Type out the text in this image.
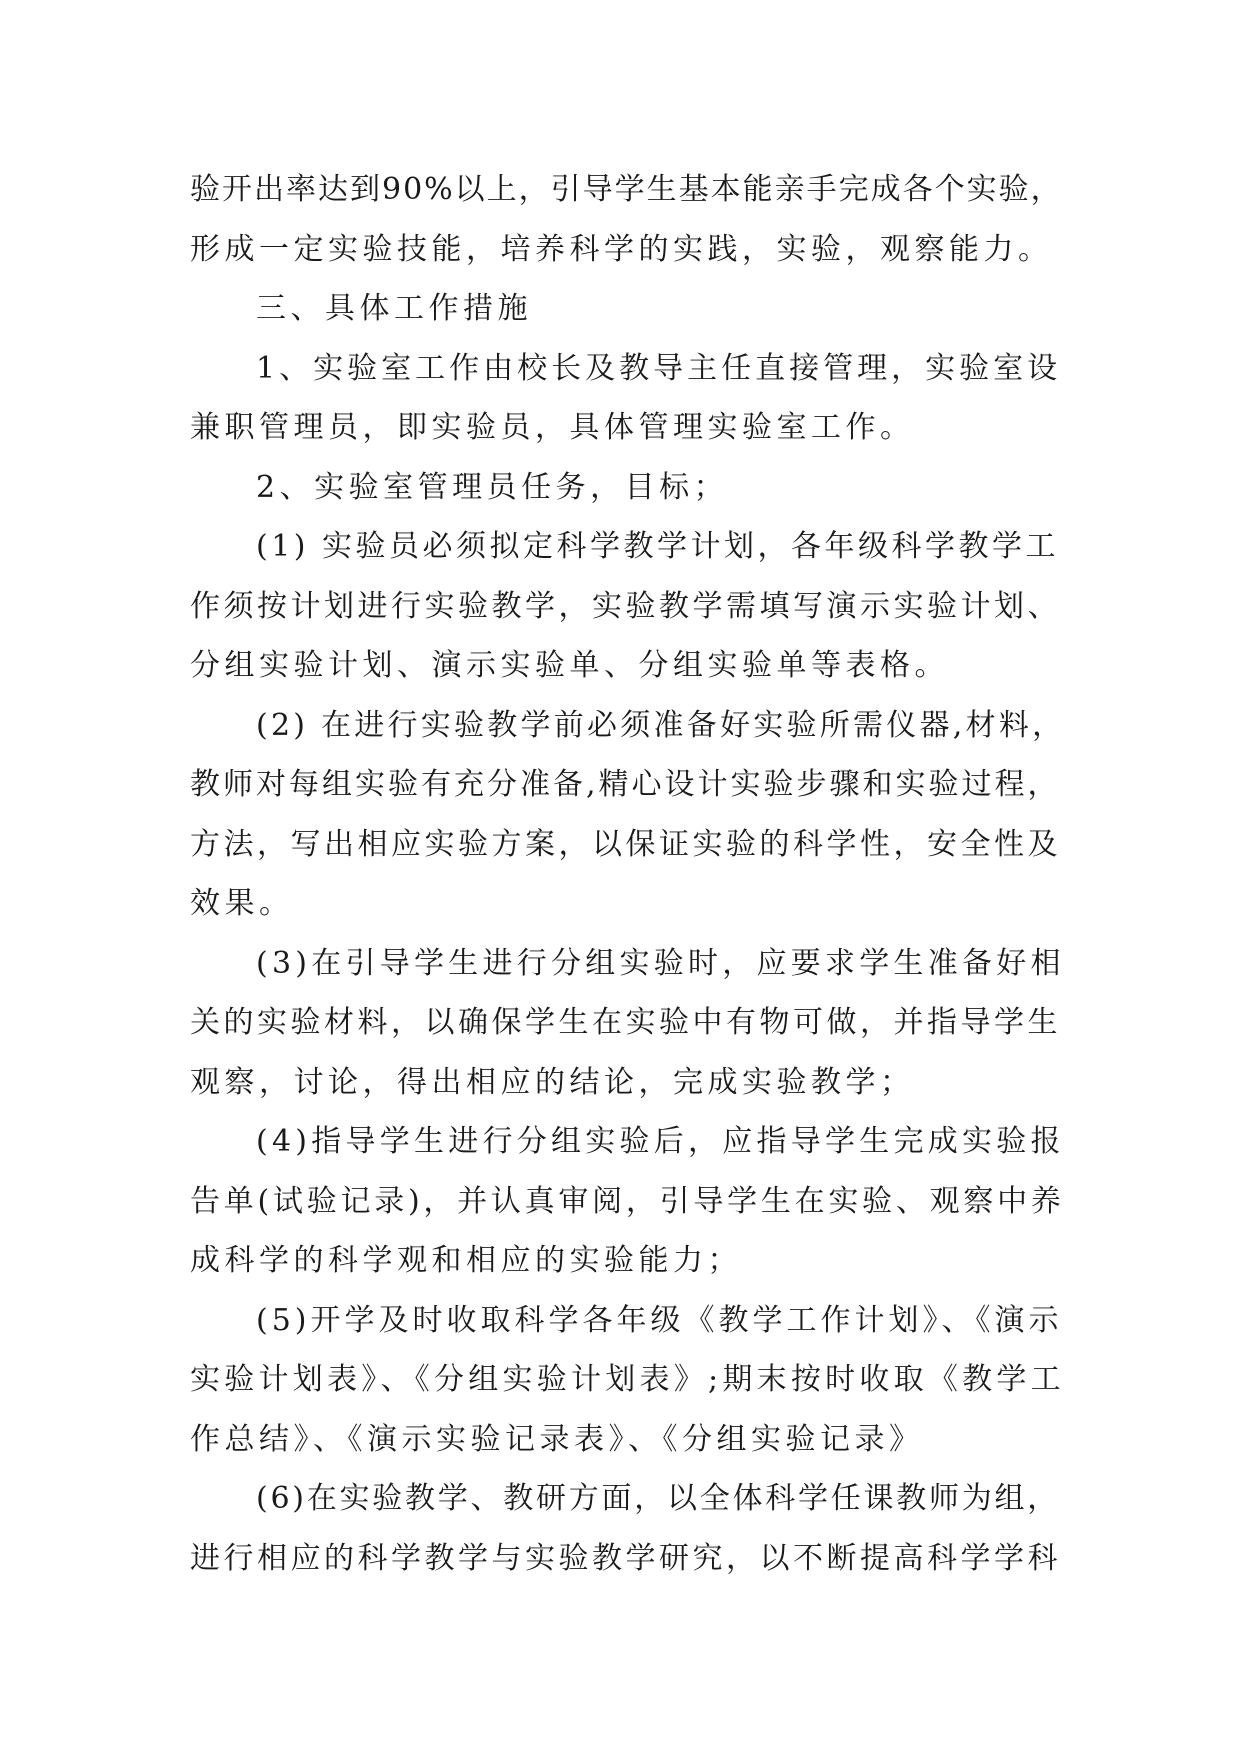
验开出率达到90%以上，引导学生基本能亲手完成各个实验，
形成一定实验技能，培养科学的实践，实验，观察能力。
三、具体工作措施
1、实验室工作由校长及教导主任直接管理，实验室设
兼职管理员，即实验员，具体管理实验室工作。
2、实验室管理员任务，目标；
(1) 实验员必须拟定科学教学计划，各年级科学教学工
作须按计划进行实验教学，实验教学需填写演示实验计划、
分组实验计划、演示实验单、分组实验单等表格。
(2) 在进行实验教学前必须准备好实验所需仪器,材料，
教师对每组实验有充分准备,精心设计实验步骤和实验过程，
方法，写出相应实验方案，以保证实验的科学性，安全性及
效果。
(3)在引导学生进行分组实验时，应要求学生准备好相
关的实验材料，以确保学生在实验中有物可做，并指导学生
观察，讨论，得出相应的结论，完成实验教学；
(4)指导学生进行分组实验后，应指导学生完成实验报
告单(试验记录)，并认真审阅，引导学生在实验、观察中养
成科学的科学观和相应的实验能力；
(5)开学及时收取科学各年级《教学工作计划》、《演示
实验计划表》、《分组实验计划表》;期末按时收取《教学工
作总结》、《演示实验记录表》、《分组实验记录》
(6)在实验教学、教研方面，以全体科学任课教师为组，
进行相应的科学教学与实验教学研究，以不断提高科学学科
